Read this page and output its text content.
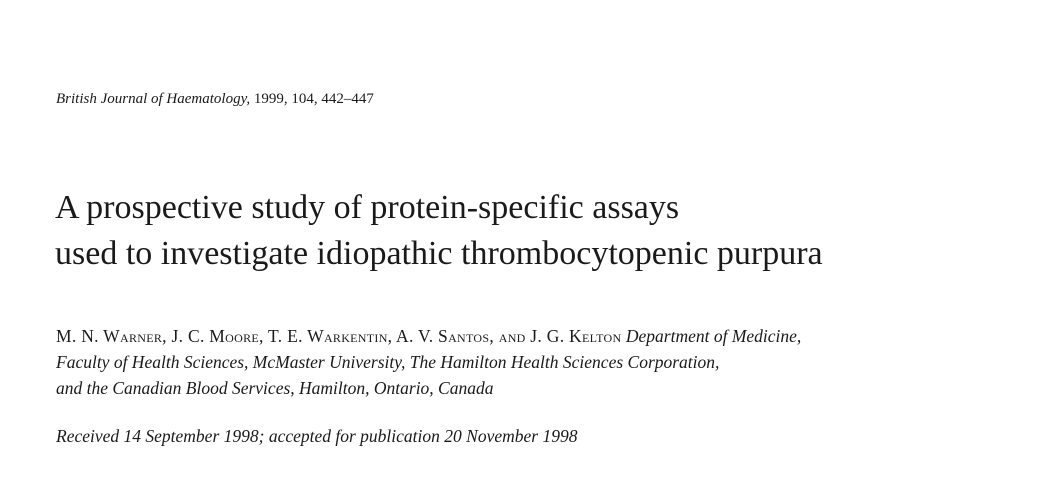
British Journal of Haematology, 1999, 104, 442–447
A prospective study of protein-specific assays
used to investigate idiopathic thrombocytopenic purpura
M. N. Warner, J. C. Moore, T. E. Warkentin, A. V. Santos, and J. G. Kelton Department of Medicine,
Faculty of Health Sciences, McMaster University, The Hamilton Health Sciences Corporation,
and the Canadian Blood Services, Hamilton, Ontario, Canada
Received 14 September 1998; accepted for publication 20 November 1998
